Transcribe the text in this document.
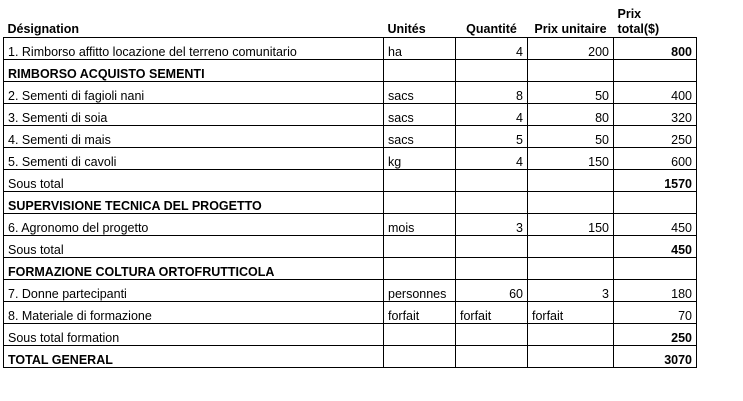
Désignation	Unités	Quantité	Prix unitaire	Prix
total($)
1. Rimborso affitto locazione del terreno comunitario	ha	4	200	800
RIMBORSO ACQUISTO SEMENTI				
2. Sementi di fagioli nani	sacs	8	50	400
3. Sementi di soia	sacs	4	80	320
4. Sementi di mais	sacs	5	50	250
5. Sementi di cavoli	kg	4	150	600
Sous total				1570
SUPERVISIONE TECNICA DEL PROGETTO				
6. Agronomo del progetto	mois	3	150	450
Sous total				450
FORMAZIONE COLTURA ORTOFRUTTICOLA				
7. Donne partecipanti	personnes	60	3	180
8. Materiale di formazione	forfait	forfait	forfait	70
Sous total formation				250
TOTAL GENERAL				3070
